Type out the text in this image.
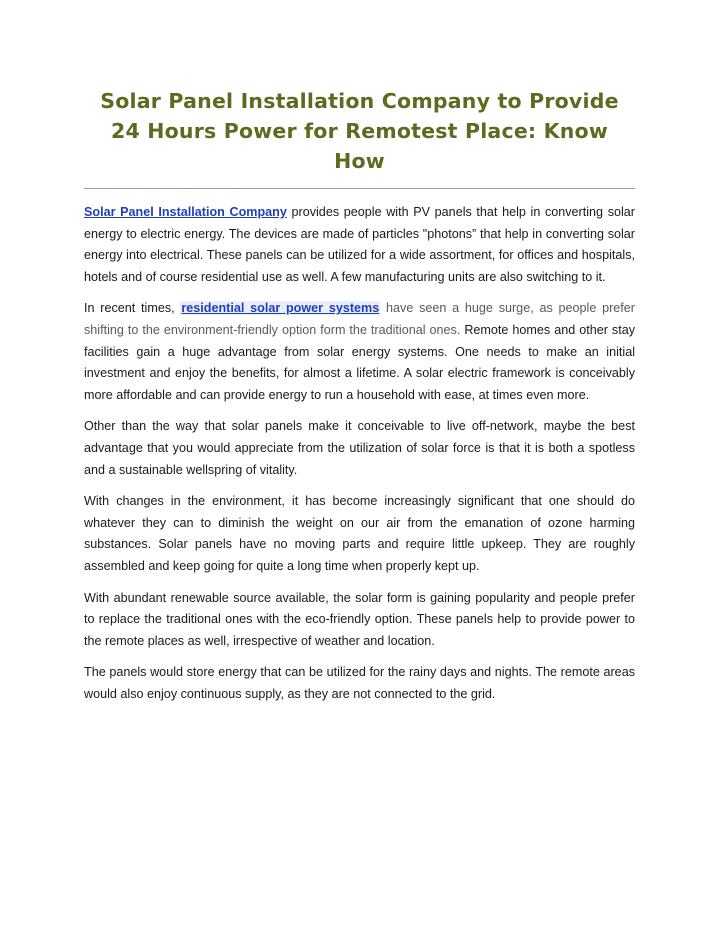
Solar Panel Installation Company to Provide 24 Hours Power for Remotest Place: Know How

Solar Panel Installation Company provides people with PV panels that help in converting solar energy to electric energy. The devices are made of particles "photons” that help in converting solar energy into electrical. These panels can be utilized for a wide assortment, for offices and hospitals, hotels and of course residential use as well. A few manufacturing units are also switching to it.

In recent times, residential solar power systems have seen a huge surge, as people prefer shifting to the environment-friendly option form the traditional ones. Remote homes and other stay facilities gain a huge advantage from solar energy systems. One needs to make an initial investment and enjoy the benefits, for almost a lifetime. A solar electric framework is conceivably more affordable and can provide energy to run a household with ease, at times even more.

Other than the way that solar panels make it conceivable to live off-network, maybe the best advantage that you would appreciate from the utilization of solar force is that it is both a spotless and a sustainable wellspring of vitality.

With changes in the environment, it has become increasingly significant that one should do whatever they can to diminish the weight on our air from the emanation of ozone harming substances. Solar panels have no moving parts and require little upkeep. They are roughly assembled and keep going for quite a long time when properly kept up.

With abundant renewable source available, the solar form is gaining popularity and people prefer to replace the traditional ones with the eco-friendly option. These panels help to provide power to the remote places as well, irrespective of weather and location.

The panels would store energy that can be utilized for the rainy days and nights. The remote areas would also enjoy continuous supply, as they are not connected to the grid.
